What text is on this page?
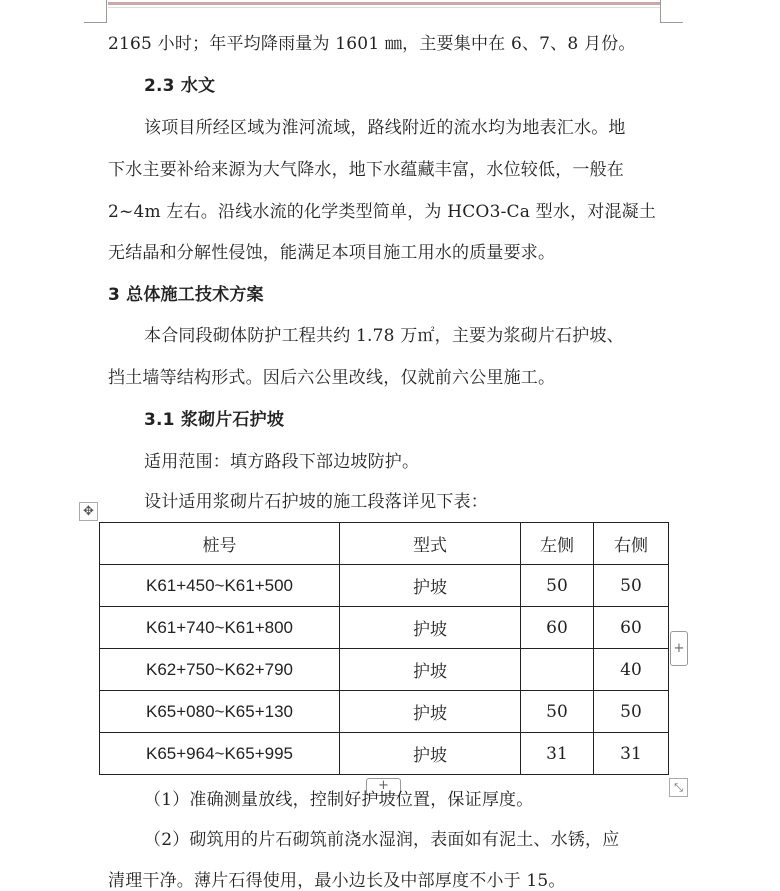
2165 小时；年平均降雨量为 1601 ㎜，主要集中在 6、7、8 月份。
2.3 水文
该项目所经区域为淮河流域，路线附近的流水均为地表汇水。地
下水主要补给来源为大气降水，地下水蕴藏丰富，水位较低，一般在
2~4m 左右。沿线水流的化学类型简单，为 HCO3-Ca 型水，对混凝土
无结晶和分解性侵蚀，能满足本项目施工用水的质量要求。
3 总体施工技术方案
本合同段砌体防护工程共约 1.78 万㎡，主要为浆砌片石护坡、
挡土墙等结构形式。因后六公里改线，仅就前六公里施工。
3.1 浆砌片石护坡
适用范围：填方路段下部边坡防护。
设计适用浆砌片石护坡的施工段落详见下表：
✥
桩号	型式	左侧	右侧
K61+450~K61+500	护坡	50	50
K61+740~K61+800	护坡	60	60
K62+750~K62+790	护坡		40
K65+080~K65+130	护坡	50	50
K65+964~K65+995	护坡	31	31
+
+	⤡
（1）准确测量放线，控制好护坡位置，保证厚度。
（2）砌筑用的片石砌筑前浇水湿润，表面如有泥土、水锈，应
清理干净。薄片石得使用，最小边长及中部厚度不小于 15。
